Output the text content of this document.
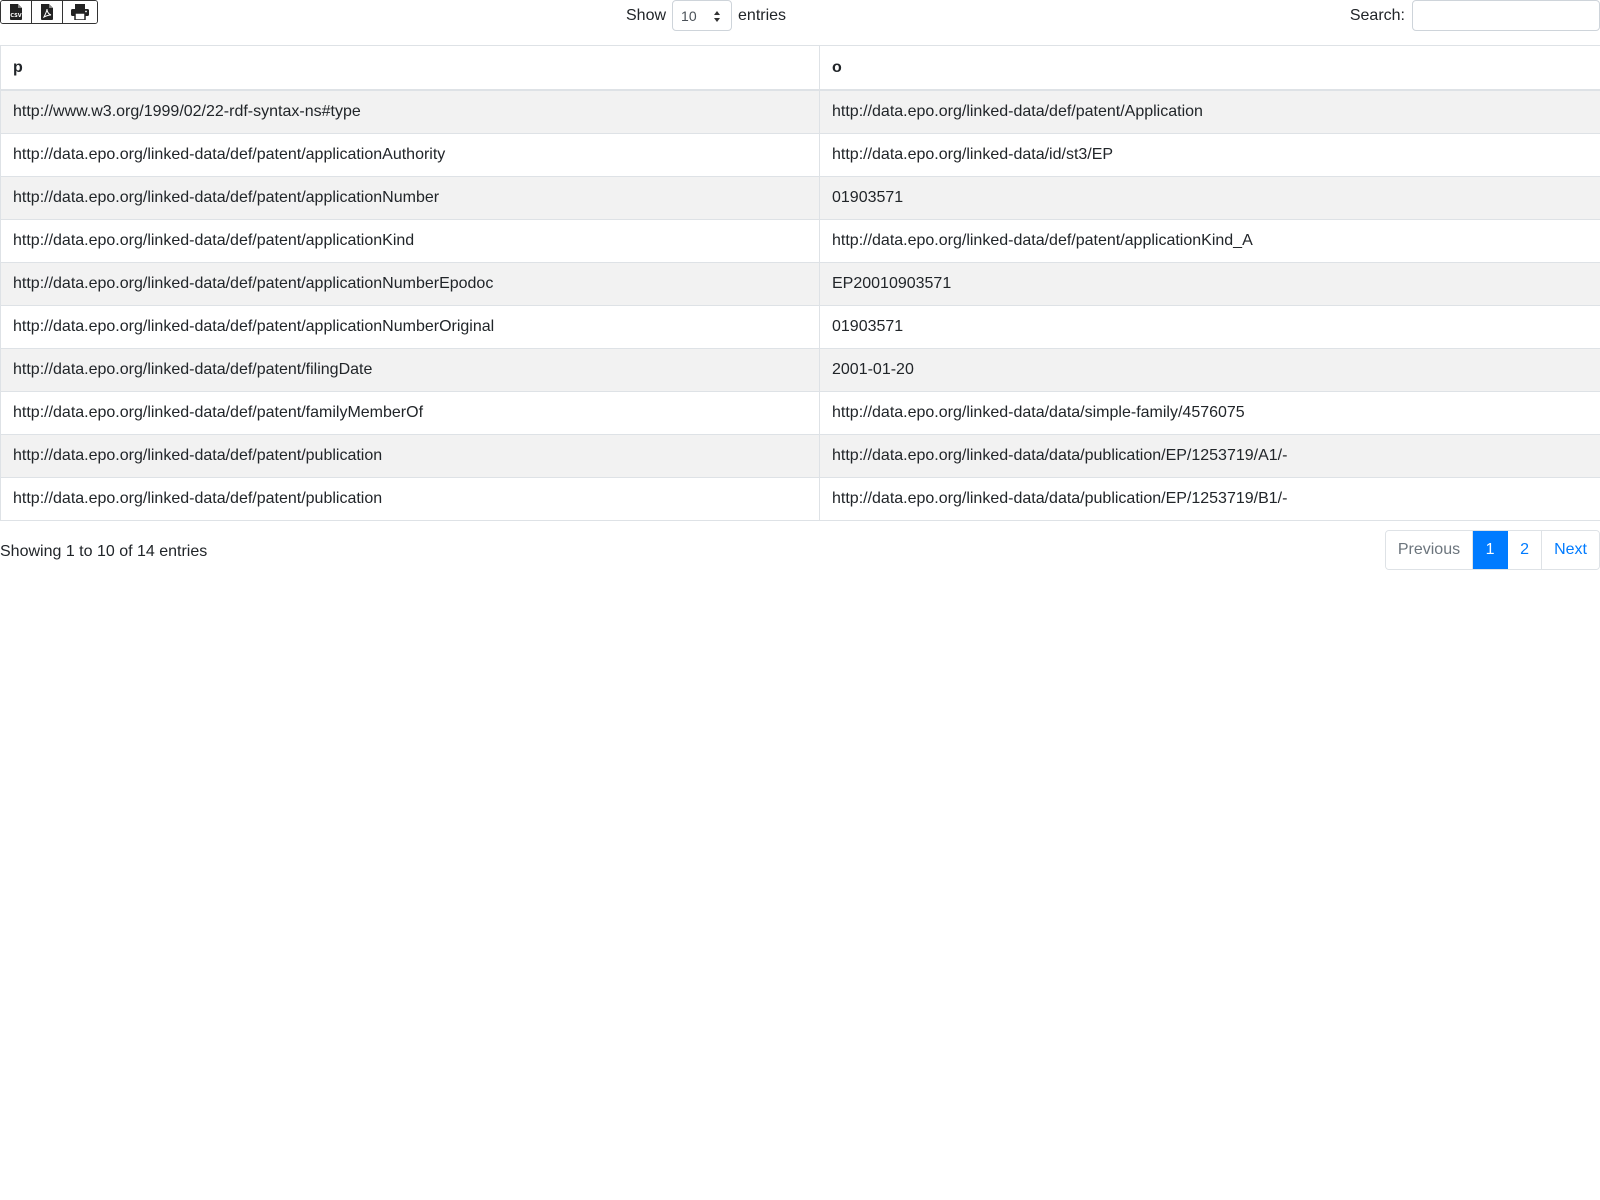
CSV	Show 10	entries	Search:
p	o
http://www.w3.org/1999/02/22-rdf-syntax-ns#type	http://data.epo.org/linked-data/def/patent/Application
http://data.epo.org/linked-data/def/patent/applicationAuthority	http://data.epo.org/linked-data/id/st3/EP
http://data.epo.org/linked-data/def/patent/applicationNumber	01903571
http://data.epo.org/linked-data/def/patent/applicationKind	http://data.epo.org/linked-data/def/patent/applicationKind_A
http://data.epo.org/linked-data/def/patent/applicationNumberEpodoc	EP20010903571
http://data.epo.org/linked-data/def/patent/applicationNumberOriginal	01903571
http://data.epo.org/linked-data/def/patent/filingDate	2001-01-20
http://data.epo.org/linked-data/def/patent/familyMemberOf	http://data.epo.org/linked-data/data/simple-family/4576075
http://data.epo.org/linked-data/def/patent/publication	http://data.epo.org/linked-data/data/publication/EP/1253719/A1/-
http://data.epo.org/linked-data/def/patent/publication	http://data.epo.org/linked-data/data/publication/EP/1253719/B1/-
Showing 1 to 10 of 14 entries	Previous	1	2	Next
